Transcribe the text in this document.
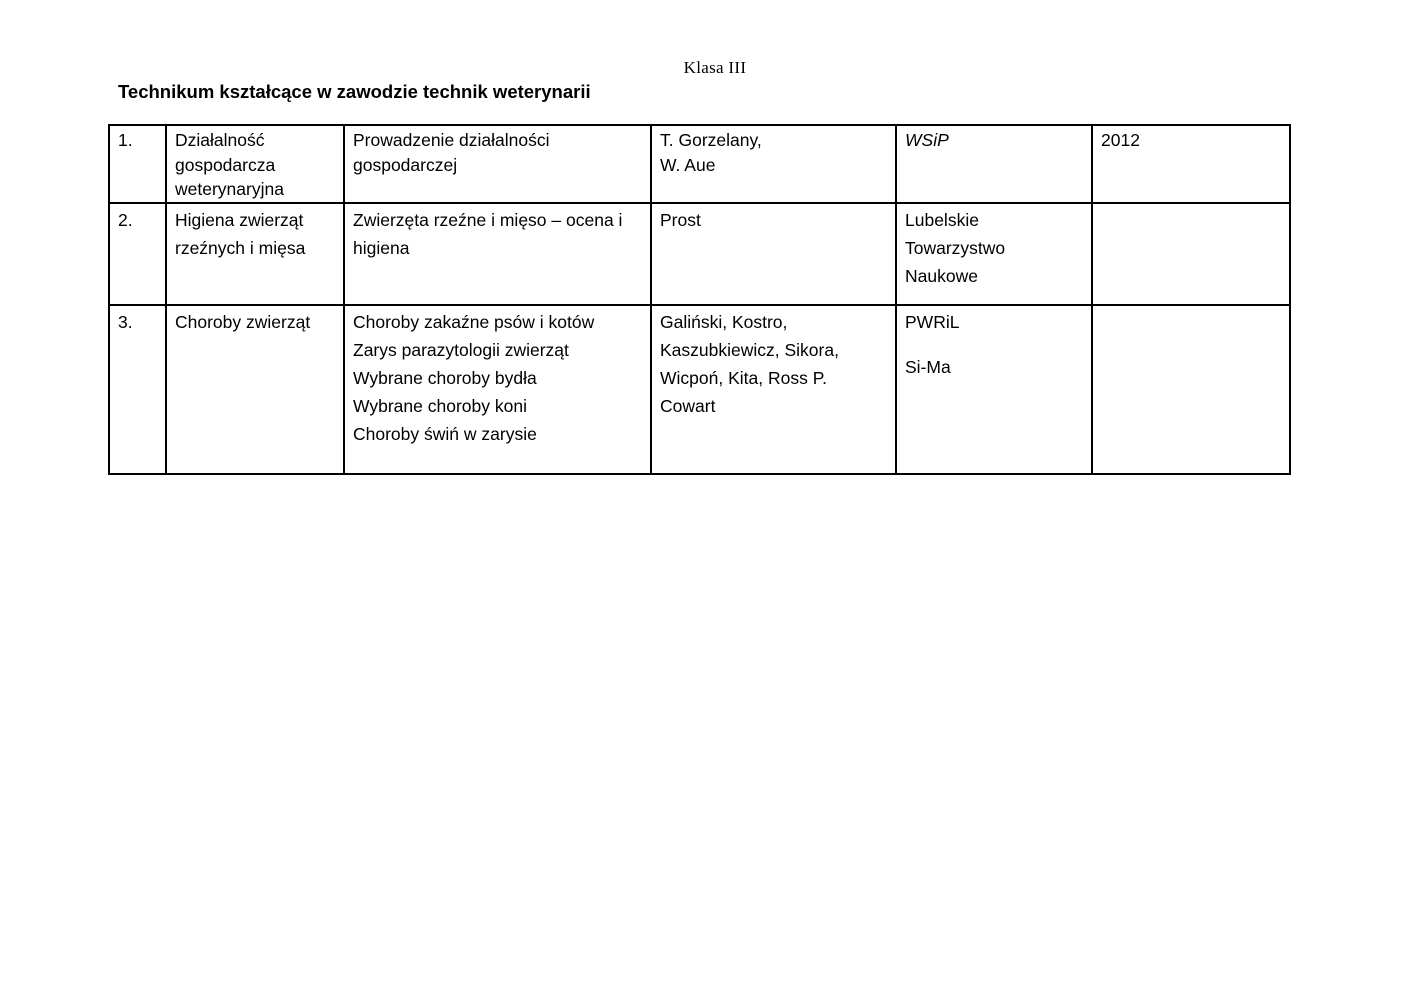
Klasa III
Technikum kształcące w zawodzie technik weterynarii
1.	Działalność
gospodarcza
weterynaryjna	Prowadzenie działalności
gospodarczej	T. Gorzelany,
W. Aue	WSiP	2012

2.	Higiena zwierząt
rzeźnych i mięsa	Zwierzęta rzeźne i mięso – ocena i
higiena	Prost	Lubelskie
Towarzystwo
Naukowe	

3.	Choroby zwierząt	Choroby zakaźne psów i kotów
Zarys parazytologii zwierząt
Wybrane choroby bydła
Wybrane choroby koni
Choroby świń w zarysie	Galiński, Kostro,
Kaszubkiewicz, Sikora,
Wicpoń, Kita, Ross P.
Cowart	PWRiL
Si-Ma	
